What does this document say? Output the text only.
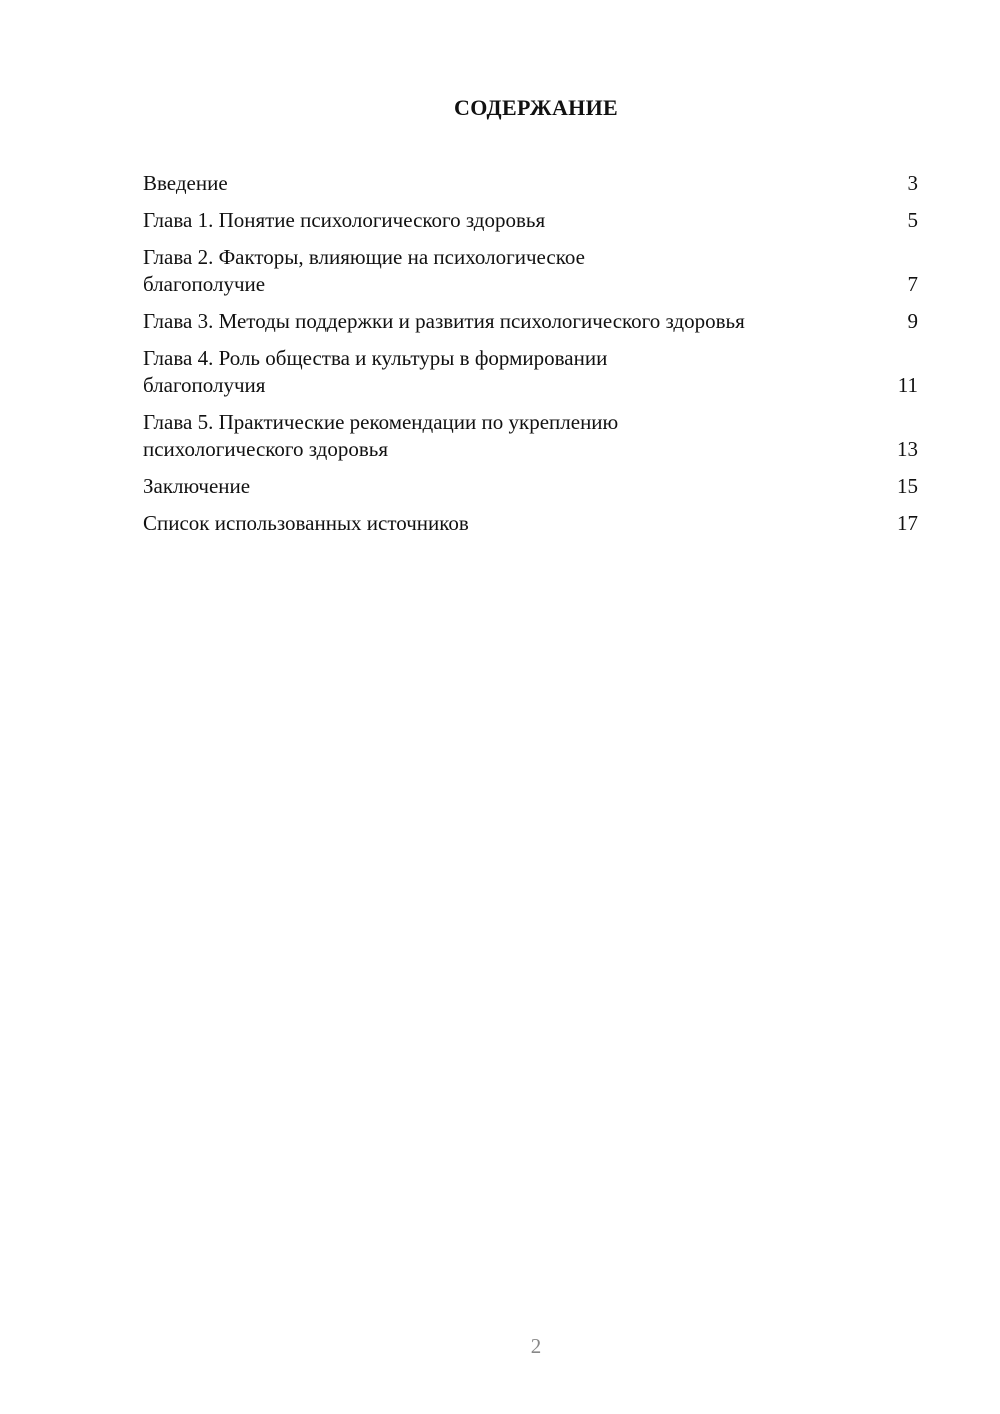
СОДЕРЖАНИЕ
Введение	3
Глава 1. Понятие психологического здоровья	5
Глава 2. Факторы, влияющие на психологическое благополучие	7
Глава 3. Методы поддержки и развития психологического здоровья	9
Глава 4. Роль общества и культуры в формировании благополучия	11
Глава 5. Практические рекомендации по укреплению психологического здоровья	13
Заключение	15
Список использованных источников	17
2
